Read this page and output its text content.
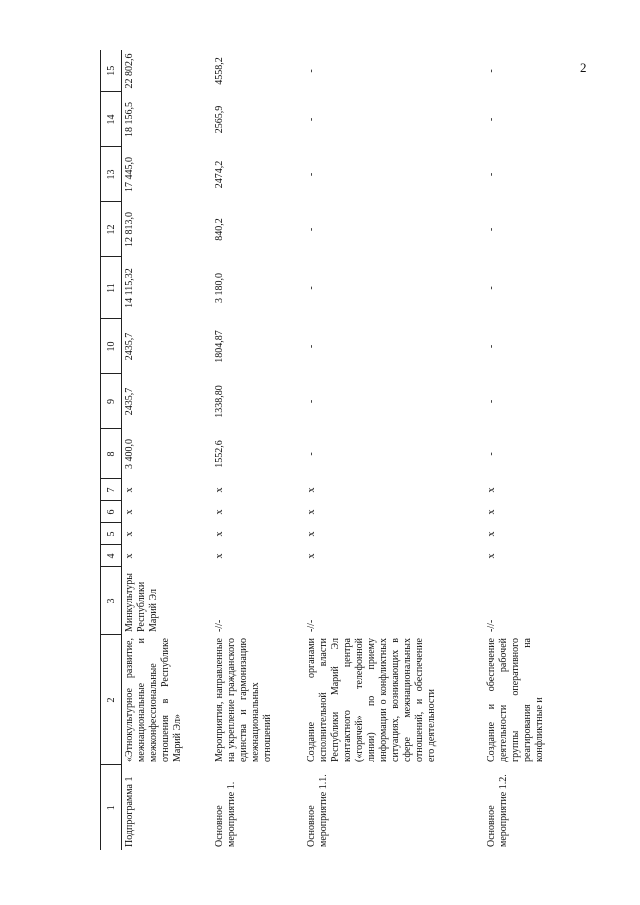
2
1	2	3	4	5	6	7	8	9	10	11	12	13	14	15
Подпрограмма 1	«Этнокультурное развитие, межнациональные и межконфессиональные отношения в Республике Марий Эл»	Минкультуры Республики Марий Эл	х	х	х	х	3 400,0	2435,7	2435,7	14 115,32	12 813,0	17 445,0	18 156,5	22 802,6
Основное мероприятие 1.	Мероприятия, направленные на укрепление гражданского единства и гармонизацию межнациональных отношений	-//-	х	х	х	х	1552,6	1338,80	1804,87	3 180,0	840,2	2474,2	2565,9	4558,2
Основное мероприятие 1.1.	Создание органами исполнительной власти Республики Марий Эл контактного центра («горячей» телефонной линии) по приему информации о конфликтных ситуациях, возникающих в сфере межнациональных отношений, и обеспечение его деятельности	-//-	х	х	х	х	-	-	-	-	-	-	-	-
Основное мероприятие 1.2.	Создание и обеспечение деятельности рабочей группы оперативного реагирования на конфликтные и	-//-	х	х	х	х	-	-	-	-	-	-	-	-
